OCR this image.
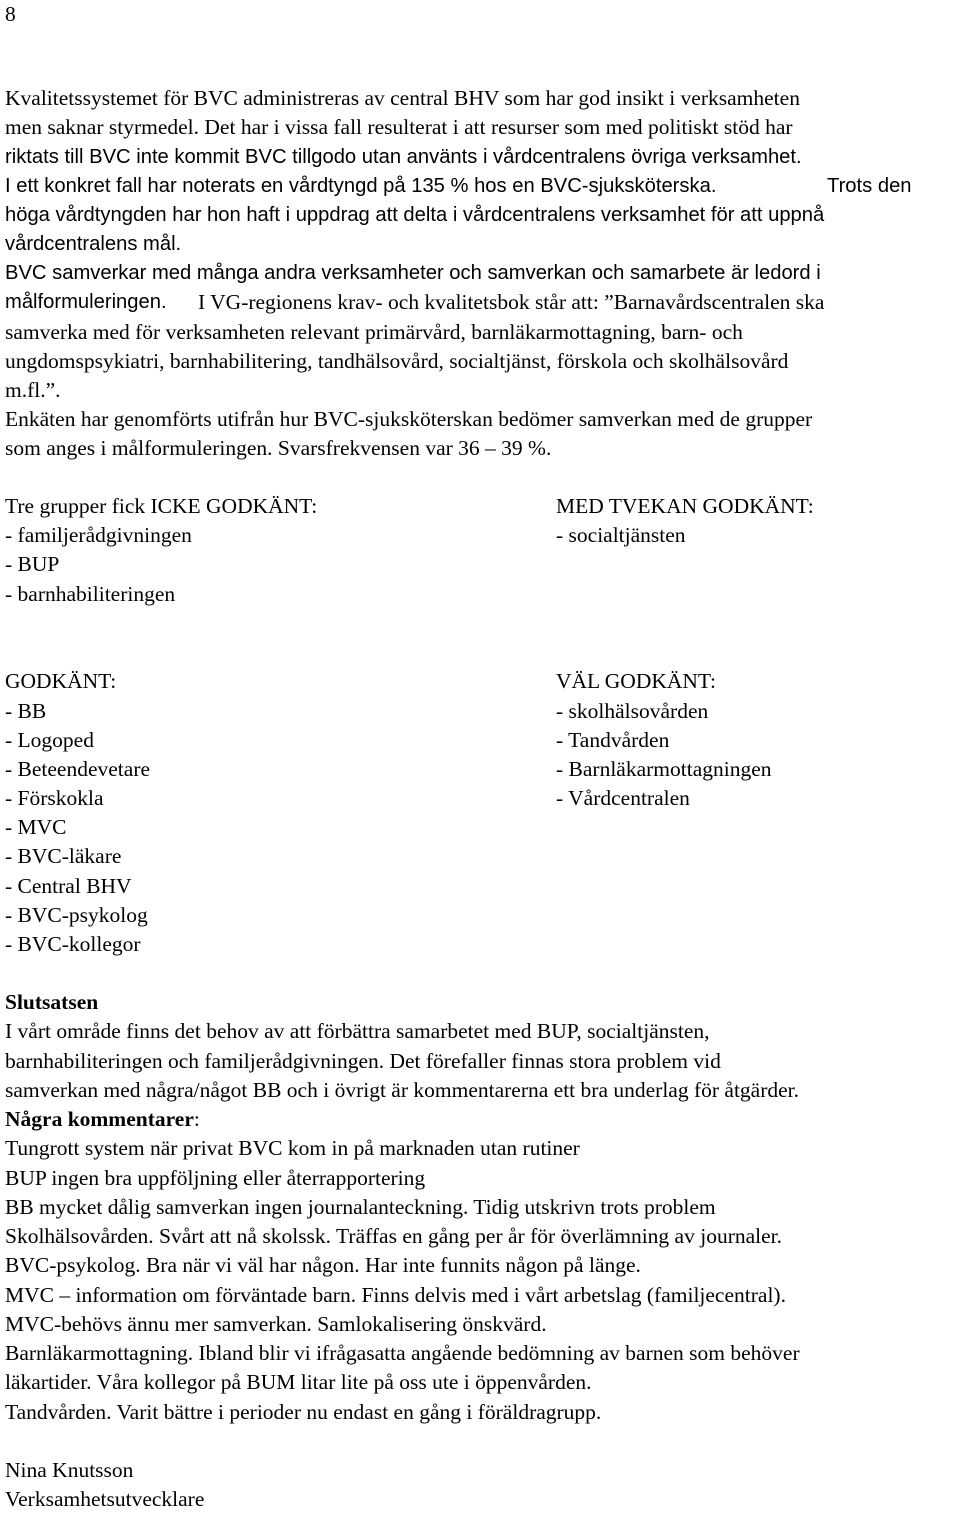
8
Kvalitetssystemet för BVC administreras av central BHV som har god insikt i verksamheten
men saknar styrmedel. Det har i vissa fall resulterat i att resurser som med politiskt stöd har
riktats till BVC inte kommit BVC tillgodo utan använts i vårdcentralens övriga verksamhet.
I ett konkret fall har noterats en vårdtyngd på 135 % hos en BVC-sjuksköterska.	Trots den
höga vårdtyngden har hon haft i uppdrag att delta i vårdcentralens verksamhet för att uppnå
vårdcentralens mål.
BVC samverkar med många andra verksamheter och samverkan och samarbete är ledord i
målformuleringen. I VG-regionens krav- och kvalitetsbok står att: ”Barnavårdscentralen ska
samverka med för verksamheten relevant primärvård, barnläkarmottagning, barn- och
ungdomspsykiatri, barnhabilitering, tandhälsovård, socialtjänst, förskola och skolhälsovård
m.fl.”.
Enkäten har genomförts utifrån hur BVC-sjuksköterskan bedömer samverkan med de grupper
som anges i målformuleringen. Svarsfrekvensen var 36 – 39 %.
Tre grupper fick ICKE GODKÄNT:
- familjerådgivningen
- BUP
- barnhabiliteringen
MED TVEKAN GODKÄNT:
- socialtjänsten
GODKÄNT:
- BB
- Logoped
- Beteendevetare
- Förskokla
- MVC
- BVC-läkare
- Central BHV
- BVC-psykolog
- BVC-kollegor
VÄL GODKÄNT:
- skolhälsovården
- Tandvården
- Barnläkarmottagningen
- Vårdcentralen
Slutsatsen
I vårt område finns det behov av att förbättra samarbetet med BUP, socialtjänsten,
barnhabiliteringen och familjerådgivningen. Det förefaller finnas stora problem vid
samverkan med några/något BB och i övrigt är kommentarerna ett bra underlag för åtgärder.
Några kommentarer:
Tungrott system när privat BVC kom in på marknaden utan rutiner
BUP ingen bra uppföljning eller återrapportering
BB mycket dålig samverkan ingen journalanteckning. Tidig utskrivn trots problem
Skolhälsovården. Svårt att nå skolssk. Träffas en gång per år för överlämning av journaler.
BVC-psykolog. Bra när vi väl har någon. Har inte funnits någon på länge.
MVC – information om förväntade barn. Finns delvis med i vårt arbetslag (familjecentral).
MVC-behövs ännu mer samverkan. Samlokalisering önskvärd.
Barnläkarmottagning. Ibland blir vi ifrågasatta angående bedömning av barnen som behöver
läkartider. Våra kollegor på BUM litar lite på oss ute i öppenvården.
Tandvården. Varit bättre i perioder nu endast en gång i föräldragrupp.
Nina Knutsson
Verksamhetsutvecklare
